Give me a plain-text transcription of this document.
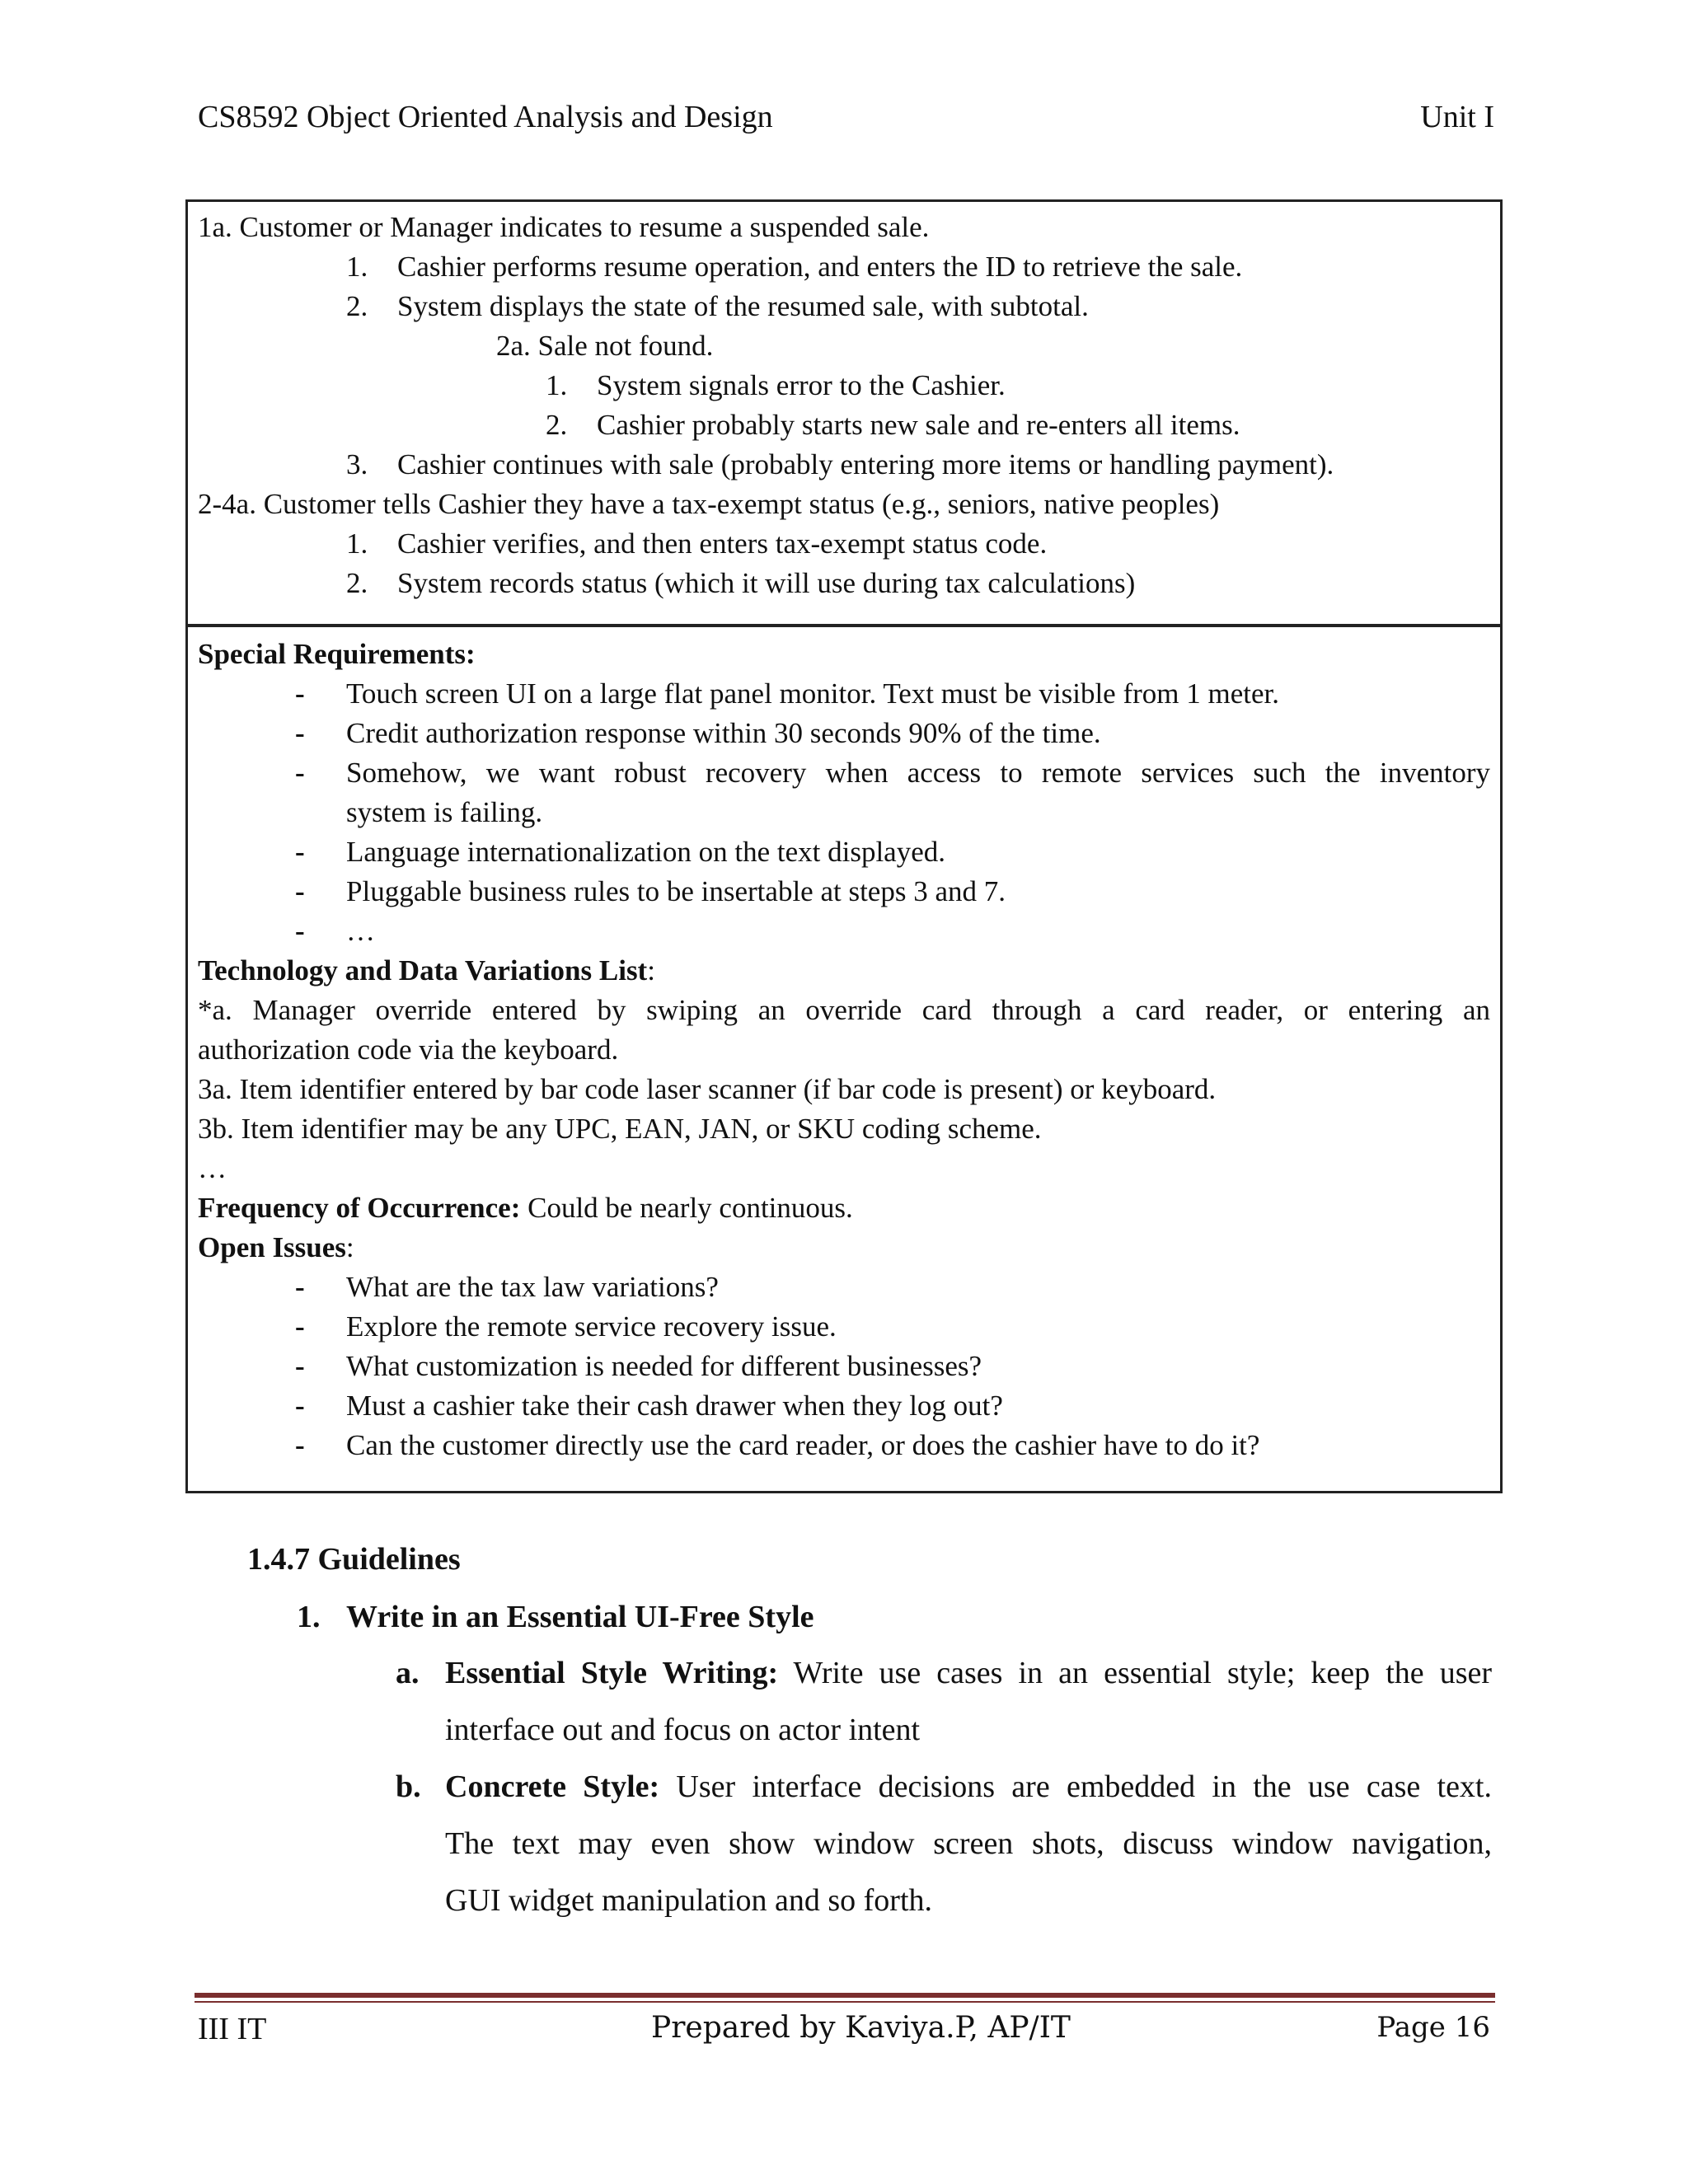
CS8592 Object Oriented Analysis and Design	Unit I
1a. Customer or Manager indicates to resume a suspended sale.
1. Cashier performs resume operation, and enters the ID to retrieve the sale.
2. System displays the state of the resumed sale, with subtotal.
2a. Sale not found.
1. System signals error to the Cashier.
2. Cashier probably starts new sale and re-enters all items.
3. Cashier continues with sale (probably entering more items or handling payment).
2-4a. Customer tells Cashier they have a tax-exempt status (e.g., seniors, native peoples)
1. Cashier verifies, and then enters tax-exempt status code.
2. System records status (which it will use during tax calculations)
Special Requirements:
- Touch screen UI on a large flat panel monitor. Text must be visible from 1 meter.
- Credit authorization response within 30 seconds 90% of the time.
- Somehow, we want robust recovery when access to remote services such the inventory
system is failing.
- Language internationalization on the text displayed.
- Pluggable business rules to be insertable at steps 3 and 7.
- …
Technology and Data Variations List:
*a. Manager override entered by swiping an override card through a card reader, or entering an
authorization code via the keyboard.
3a. Item identifier entered by bar code laser scanner (if bar code is present) or keyboard.
3b. Item identifier may be any UPC, EAN, JAN, or SKU coding scheme.
…
Frequency of Occurrence: Could be nearly continuous.
Open Issues:
- What are the tax law variations?
- Explore the remote service recovery issue.
- What customization is needed for different businesses?
- Must a cashier take their cash drawer when they log out?
- Can the customer directly use the card reader, or does the cashier have to do it?
1.4.7 Guidelines
1. Write in an Essential UI-Free Style
a. Essential Style Writing: Write use cases in an essential style; keep the user
interface out and focus on actor intent
b. Concrete Style: User interface decisions are embedded in the use case text.
The text may even show window screen shots, discuss window navigation,
GUI widget manipulation and so forth.
III IT	Prepared by Kaviya.P, AP/IT	Page 16
